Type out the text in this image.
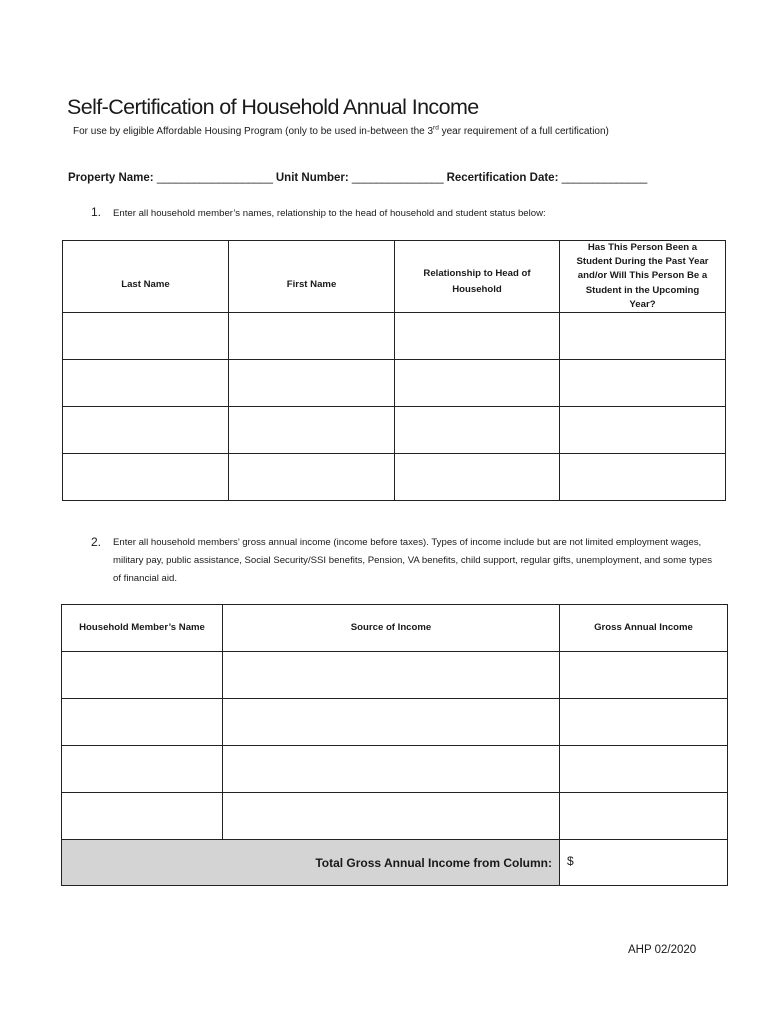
Self-Certification of Household Annual Income
For use by eligible Affordable Housing Program (only to be used in-between the 3rd year requirement of a full certification)
Property Name: ___________________ Unit Number: _______________ Recertification Date: ______________
1. Enter all household member’s names, relationship to the head of household and student status below:
Last Name	First Name	Relationship to Head of Household	Has This Person Been a Student During the Past Year and/or Will This Person Be a Student in the Upcoming Year?

2. Enter all household members’ gross annual income (income before taxes). Types of income include but are not limited employment wages, military pay, public assistance, Social Security/SSI benefits, Pension, VA benefits, child support, regular gifts, unemployment, and some types of financial aid.
Household Member’s Name	Source of Income	Gross Annual Income

Total Gross Annual Income from Column:		$
AHP 02/2020
